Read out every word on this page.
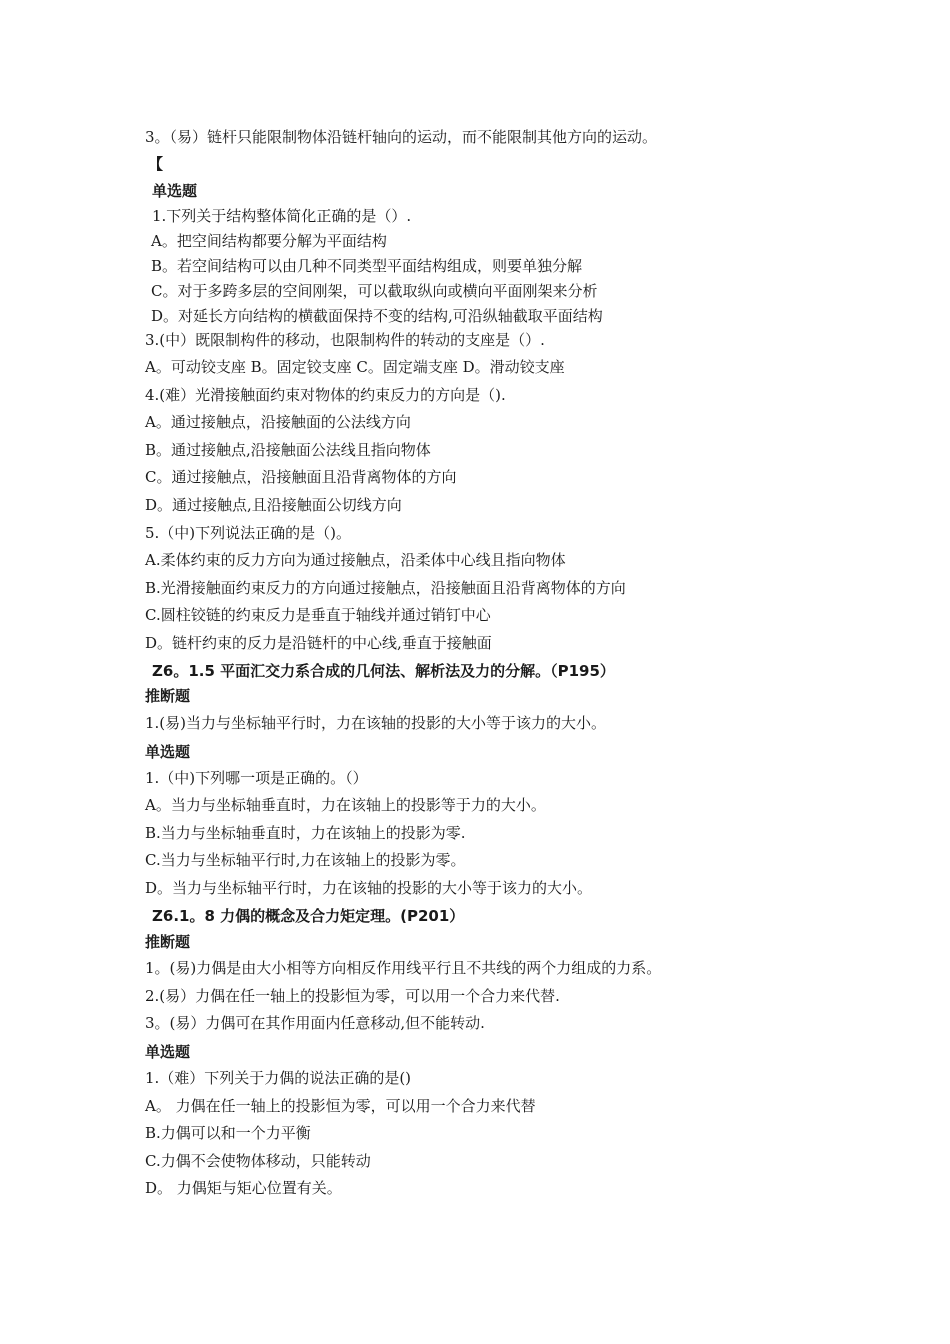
3。（易）链杆只能限制物体沿链杆轴向的运动，而不能限制其他方向的运动。
【
单选题
1.下列关于结构整体简化正确的是（）.
A。把空间结构都要分解为平面结构
B。若空间结构可以由几种不同类型平面结构组成，则要单独分解
C。对于多跨多层的空间刚架，可以截取纵向或横向平面刚架来分析
D。对延长方向结构的横截面保持不变的结构,可沿纵轴截取平面结构
3.(中）既限制构件的移动，也限制构件的转动的支座是（）.
A。可动铰支座 B。固定铰支座 C。固定端支座 D。滑动铰支座
4.(难）光滑接触面约束对物体的约束反力的方向是（).
A。通过接触点，沿接触面的公法线方向
B。通过接触点,沿接触面公法线且指向物体
C。通过接触点，沿接触面且沿背离物体的方向
D。通过接触点,且沿接触面公切线方向
5.（中)下列说法正确的是（)。
A.柔体约束的反力方向为通过接触点，沿柔体中心线且指向物体
B.光滑接触面约束反力的方向通过接触点，沿接触面且沿背离物体的方向
C.圆柱铰链的约束反力是垂直于轴线并通过销钉中心
D。链杆约束的反力是沿链杆的中心线,垂直于接触面
Z6。1.5 平面汇交力系合成的几何法、解析法及力的分解。（P195）
推断题
1.(易)当力与坐标轴平行时，力在该轴的投影的大小等于该力的大小。
单选题
1.（中)下列哪一项是正确的。（）
A。当力与坐标轴垂直时，力在该轴上的投影等于力的大小。
B.当力与坐标轴垂直时，力在该轴上的投影为零.
C.当力与坐标轴平行时,力在该轴上的投影为零。
D。当力与坐标轴平行时，力在该轴的投影的大小等于该力的大小。
Z6.1。8 力偶的概念及合力矩定理。(P201）
推断题
1。(易)力偶是由大小相等方向相反作用线平行且不共线的两个力组成的力系。
2.(易）力偶在任一轴上的投影恒为零，可以用一个合力来代替.
3。(易）力偶可在其作用面内任意移动,但不能转动.
单选题
1.（难）下列关于力偶的说法正确的是()
A。 力偶在任一轴上的投影恒为零，可以用一个合力来代替
B.力偶可以和一个力平衡
C.力偶不会使物体移动，只能转动
D。 力偶矩与矩心位置有关。
